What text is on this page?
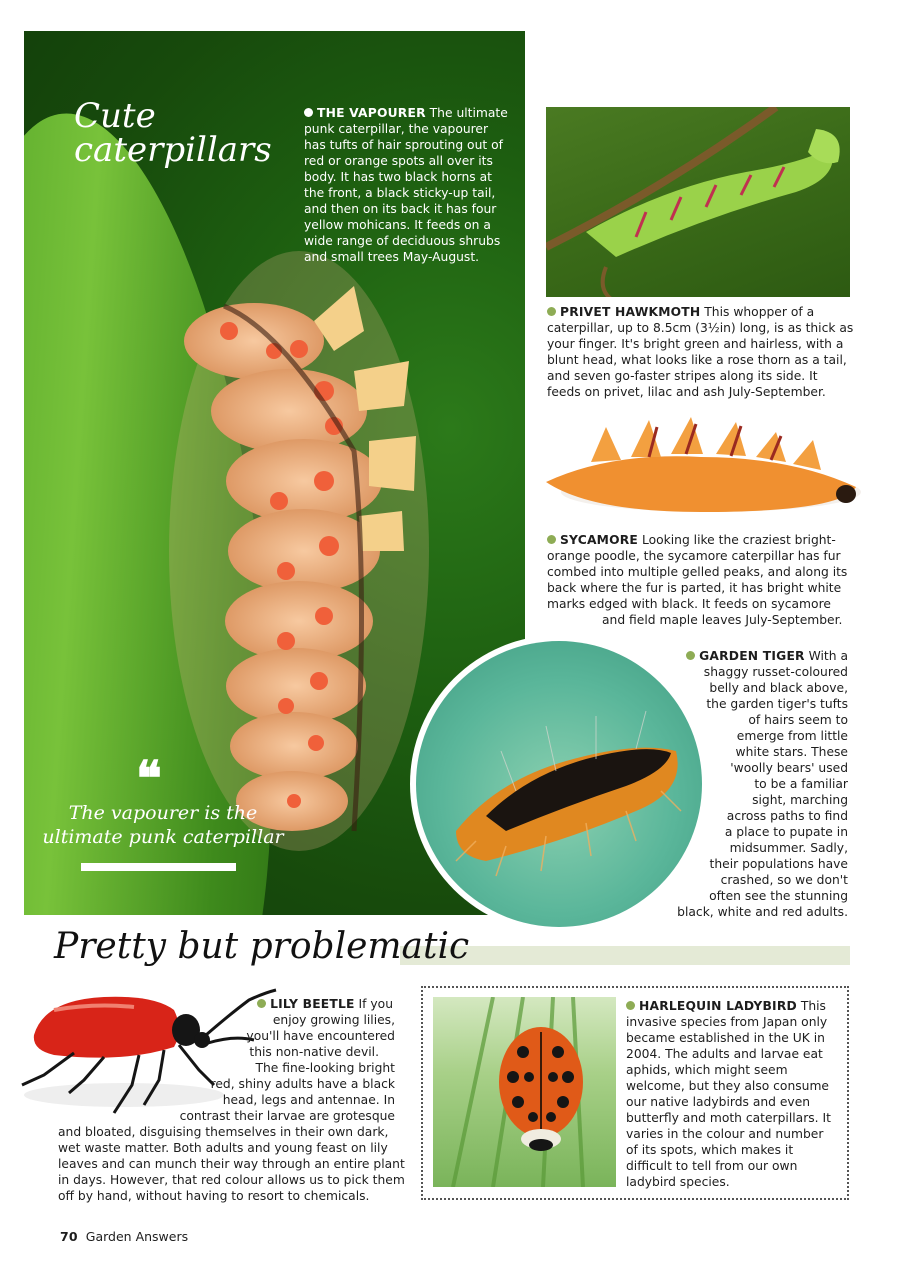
Cute
caterpillars
THE VAPOURER The ultimate
punk caterpillar, the vapourer
has tufts of hair sprouting out of
red or orange spots all over its
body. It has two black horns at
the front, a black sticky-up tail,
and then on its back it has four
yellow mohicans. It feeds on a
wide range of deciduous shrubs
and small trees May-August.
❝
The vapourer is the
ultimate punk caterpillar
PRIVET HAWKMOTH This whopper of a
caterpillar, up to 8.5cm (3½in) long, is as thick as
your finger. It's bright green and hairless, with a
blunt head, what looks like a rose thorn as a tail,
and seven go-faster stripes along its side. It
feeds on privet, lilac and ash July-September.
SYCAMORE Looking like the craziest bright-
orange poodle, the sycamore caterpillar has fur
combed into multiple gelled peaks, and along its
back where the fur is parted, it has bright white
marks edged with black. It feeds on sycamore
and field maple leaves July-September.
GARDEN TIGER With a
shaggy russet-coloured
belly and black above,
the garden tiger's tufts
of hairs seem to
emerge from little
white stars. These
'woolly bears' used
to be a familiar
sight, marching
across paths to find
a place to pupate in
midsummer. Sadly,
their populations have
crashed, so we don't
often see the stunning
black, white and red adults.
Pretty but problematic
LILY BEETLE If you
enjoy growing lilies,
you'll have encountered
this non-native devil.
The fine-looking bright
red, shiny adults have a black
head, legs and antennae. In
contrast their larvae are grotesque

and bloated, disguising themselves in their own dark,
wet waste matter. Both adults and young feast on lily
leaves and can munch their way through an entire plant
in days. However, that red colour allows us to pick them
off by hand, without having to resort to chemicals.
HARLEQUIN LADYBIRD This
invasive species from Japan only
became established in the UK in
2004. The adults and larvae eat
aphids, which might seem
welcome, but they also consume
our native ladybirds and even
butterfly and moth caterpillars. It
varies in the colour and number
of its spots, which makes it
difficult to tell from our own
ladybird species.
70 Garden Answers
